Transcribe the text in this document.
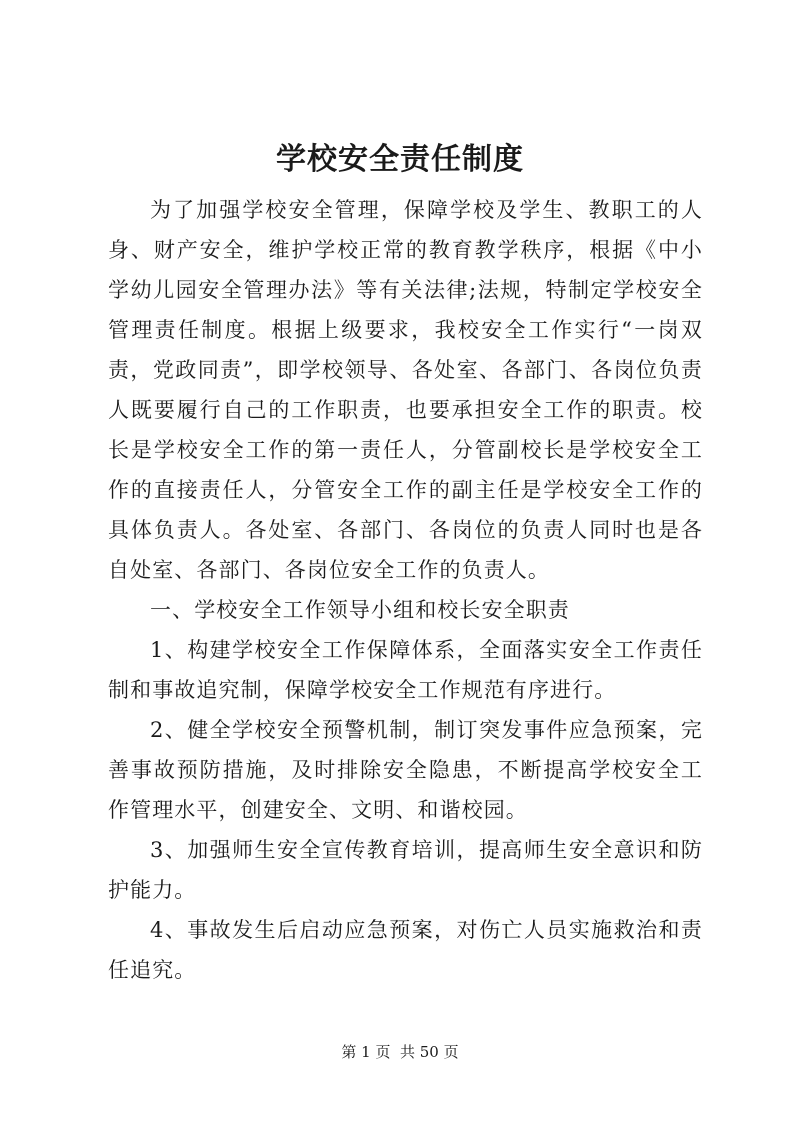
学校安全责任制度

为了加强学校安全管理，保障学校及学生、教职工的人身、财产安全，维护学校正常的教育教学秩序，根据《中小学幼儿园安全管理办法》等有关法律;法规，特制定学校安全管理责任制度。根据上级要求，我校安全工作实行“一岗双责，党政同责”，即学校领导、各处室、各部门、各岗位负责人既要履行自己的工作职责，也要承担安全工作的职责。校长是学校安全工作的第一责任人，分管副校长是学校安全工作的直接责任人，分管安全工作的副主任是学校安全工作的具体负责人。各处室、各部门、各岗位的负责人同时也是各自处室、各部门、各岗位安全工作的负责人。

一、学校安全工作领导小组和校长安全职责

1、构建学校安全工作保障体系，全面落实安全工作责任制和事故追究制，保障学校安全工作规范有序进行。

2、健全学校安全预警机制，制订突发事件应急预案，完善事故预防措施，及时排除安全隐患，不断提高学校安全工作管理水平，创建安全、文明、和谐校园。

3、加强师生安全宣传教育培训，提高师生安全意识和防护能力。

4、事故发生后启动应急预案，对伤亡人员实施救治和责任追究。

第 1 页  共 50 页
